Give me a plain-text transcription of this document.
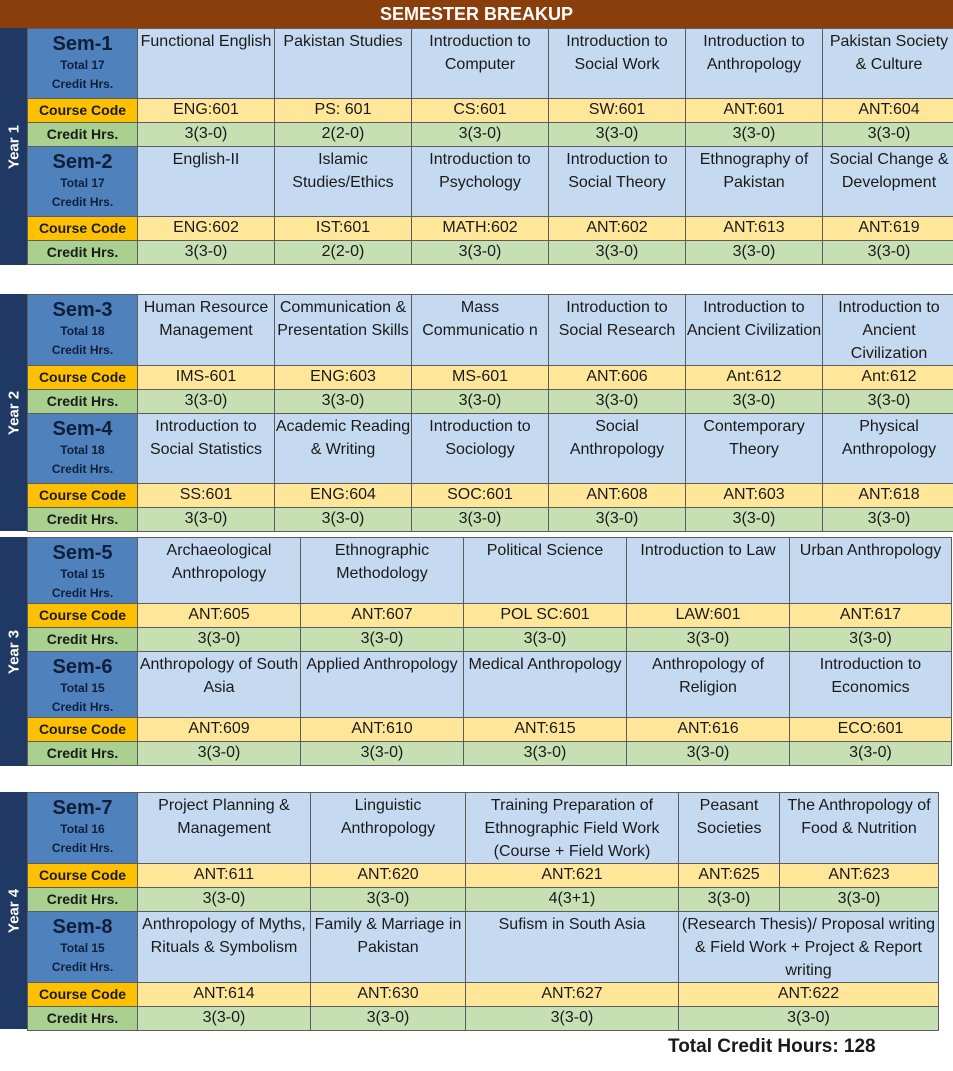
SEMESTER BREAKUP
Year 1
Sem-1
Total 17
Credit Hrs.	Functional English	Pakistan Studies	Introduction to Computer	Introduction to Social Work	Introduction to Anthropology	Pakistan Society & Culture

Course Code	ENG:601	PS: 601	CS:601	SW:601	ANT:601	ANT:604
Credit Hrs.	3(3-0)	2(2-0)	3(3-0)	3(3-0)	3(3-0)	3(3-0)

Sem-2
Total 17
Credit Hrs.	English-II	Islamic Studies/Ethics	Introduction to Psychology	Introduction to Social Theory	Ethnography of Pakistan	Social Change & Development

Course Code	ENG:602	IST:601	MATH:602	ANT:602	ANT:613	ANT:619
Credit Hrs.	3(3-0)	2(2-0)	3(3-0)	3(3-0)	3(3-0)	3(3-0)
Year 2
Sem-3
Total 18
Credit Hrs.	Human Resource Management	Communication & Presentation Skills	Mass Communicatio n	Introduction to Social Research	Introduction to Ancient Civilization	Introduction to Ancient Civilization

Course Code	IMS-601	ENG:603	MS-601	ANT:606	Ant:612	Ant:612
Credit Hrs.	3(3-0)	3(3-0)	3(3-0)	3(3-0)	3(3-0)	3(3-0)

Sem-4
Total 18
Credit Hrs.	Introduction to Social Statistics	Academic Reading & Writing	Introduction to Sociology	Social Anthropology	Contemporary Theory	Physical Anthropology

Course Code	SS:601	ENG:604	SOC:601	ANT:608	ANT:603	ANT:618
Credit Hrs.	3(3-0)	3(3-0)	3(3-0)	3(3-0)	3(3-0)	3(3-0)
Year 3
Sem-5
Total 15
Credit Hrs.	Archaeological Anthropology	Ethnographic Methodology	Political Science	Introduction to Law	Urban Anthropology

Course Code	ANT:605	ANT:607	POL SC:601	LAW:601	ANT:617
Credit Hrs.	3(3-0)	3(3-0)	3(3-0)	3(3-0)	3(3-0)

Sem-6
Total 15
Credit Hrs.	Anthropology of South Asia	Applied Anthropology	Medical Anthropology	Anthropology of Religion	Introduction to Economics

Course Code	ANT:609	ANT:610	ANT:615	ANT:616	ECO:601
Credit Hrs.	3(3-0)	3(3-0)	3(3-0)	3(3-0)	3(3-0)
Year 4
Sem-7
Total 16
Credit Hrs.	Project Planning & Management	Linguistic Anthropology	Training Preparation of Ethnographic Field Work (Course + Field Work)	Peasant Societies	The Anthropology of Food & Nutrition

Course Code	ANT:611	ANT:620	ANT:621	ANT:625	ANT:623
Credit Hrs.	3(3-0)	3(3-0)	4(3+1)	3(3-0)	3(3-0)

Sem-8
Total 15
Credit Hrs.	Anthropology of Myths, Rituals & Symbolism	Family & Marriage in Pakistan	Sufism in South Asia	(Research Thesis)/ Proposal writing & Field Work + Project & Report writing	

Course Code	ANT:614	ANT:630	ANT:627	ANT:622	
Credit Hrs.	3(3-0)	3(3-0)	3(3-0)	3(3-0)	
Total Credit Hours: 128
